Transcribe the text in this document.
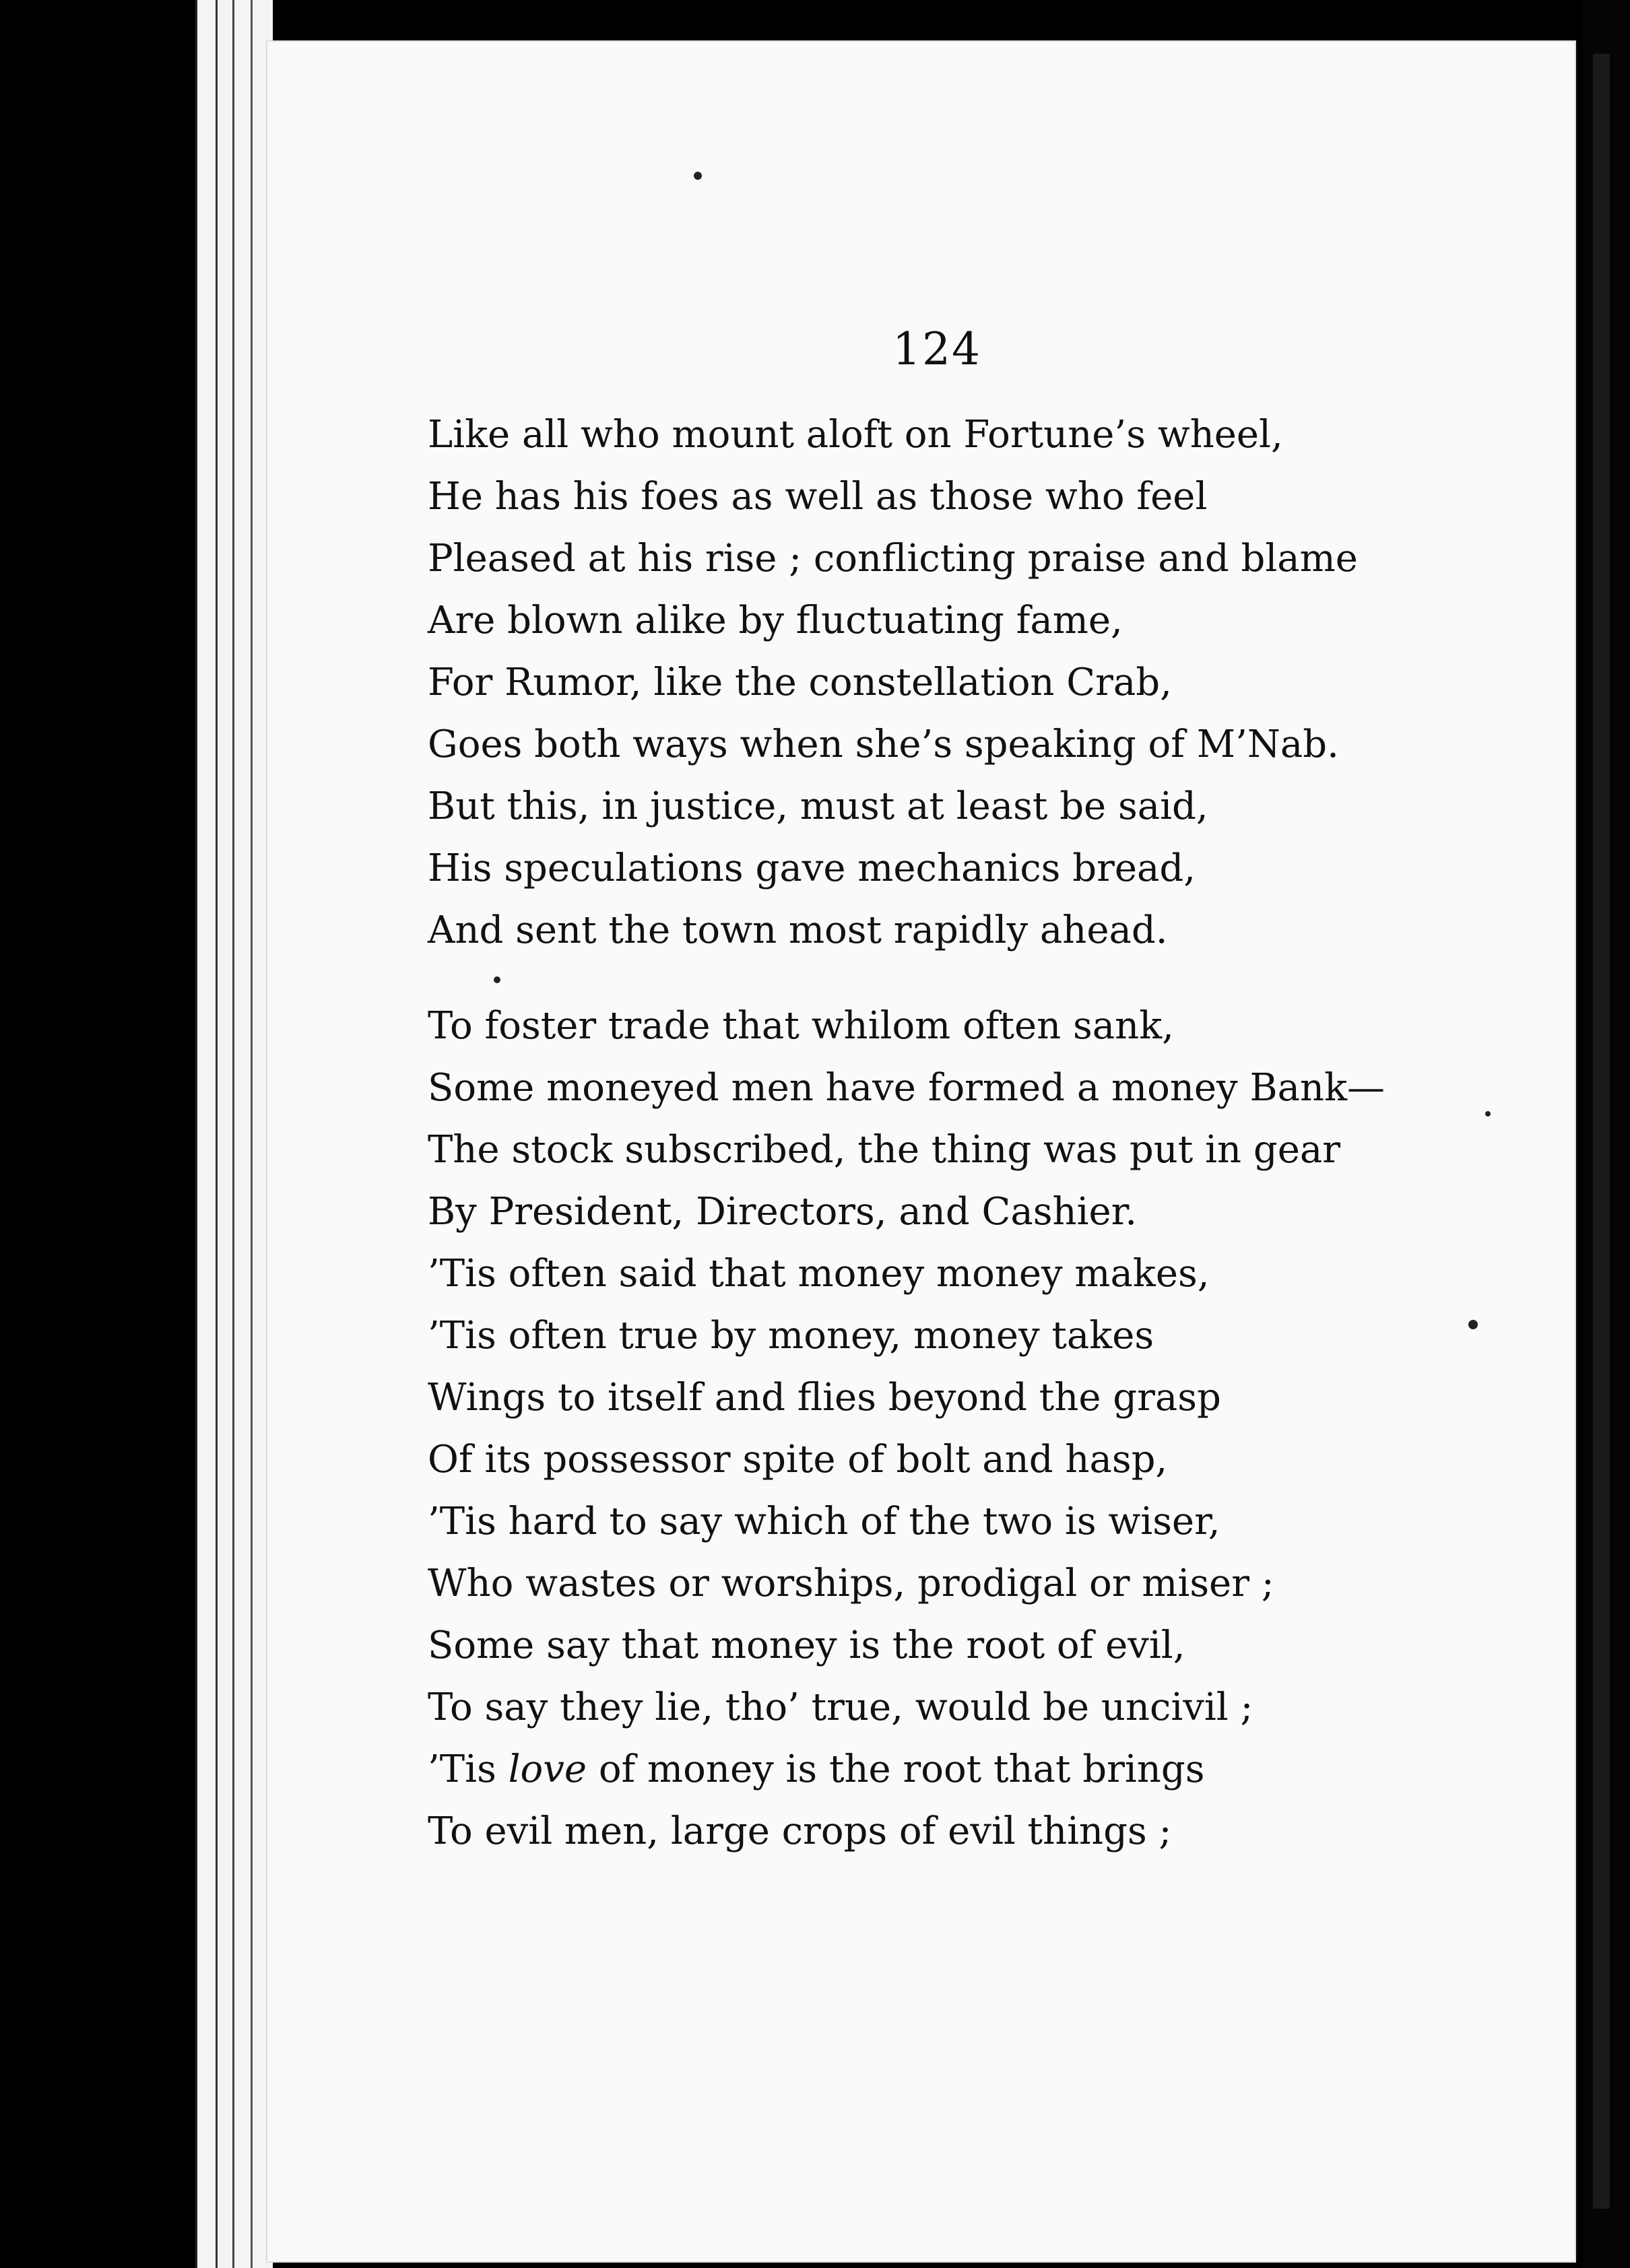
124
Like all who mount aloft on Fortune’s wheel,
He has his foes as well as those who feel
Pleased at his rise ; conflicting praise and blame
Are blown alike by fluctuating fame,
For Rumor, like the constellation Crab,
Goes both ways when she’s speaking of M’Nab.
But this, in justice, must at least be said,
His speculations gave mechanics bread,
And sent the town most rapidly ahead.
To foster trade that whilom often sank,
Some moneyed men have formed a money Bank—
The stock subscribed, the thing was put in gear
By President, Directors, and Cashier.
’Tis often said that money money makes,
’Tis often true by money, money takes
Wings to itself and flies beyond the grasp
Of its possessor spite of bolt and hasp,
’Tis hard to say which of the two is wiser,
Who wastes or worships, prodigal or miser ;
Some say that money is the root of evil,
To say they lie, tho’ true, would be uncivil ;
’Tis love of money is the root that brings
To evil men, large crops of evil things ;
